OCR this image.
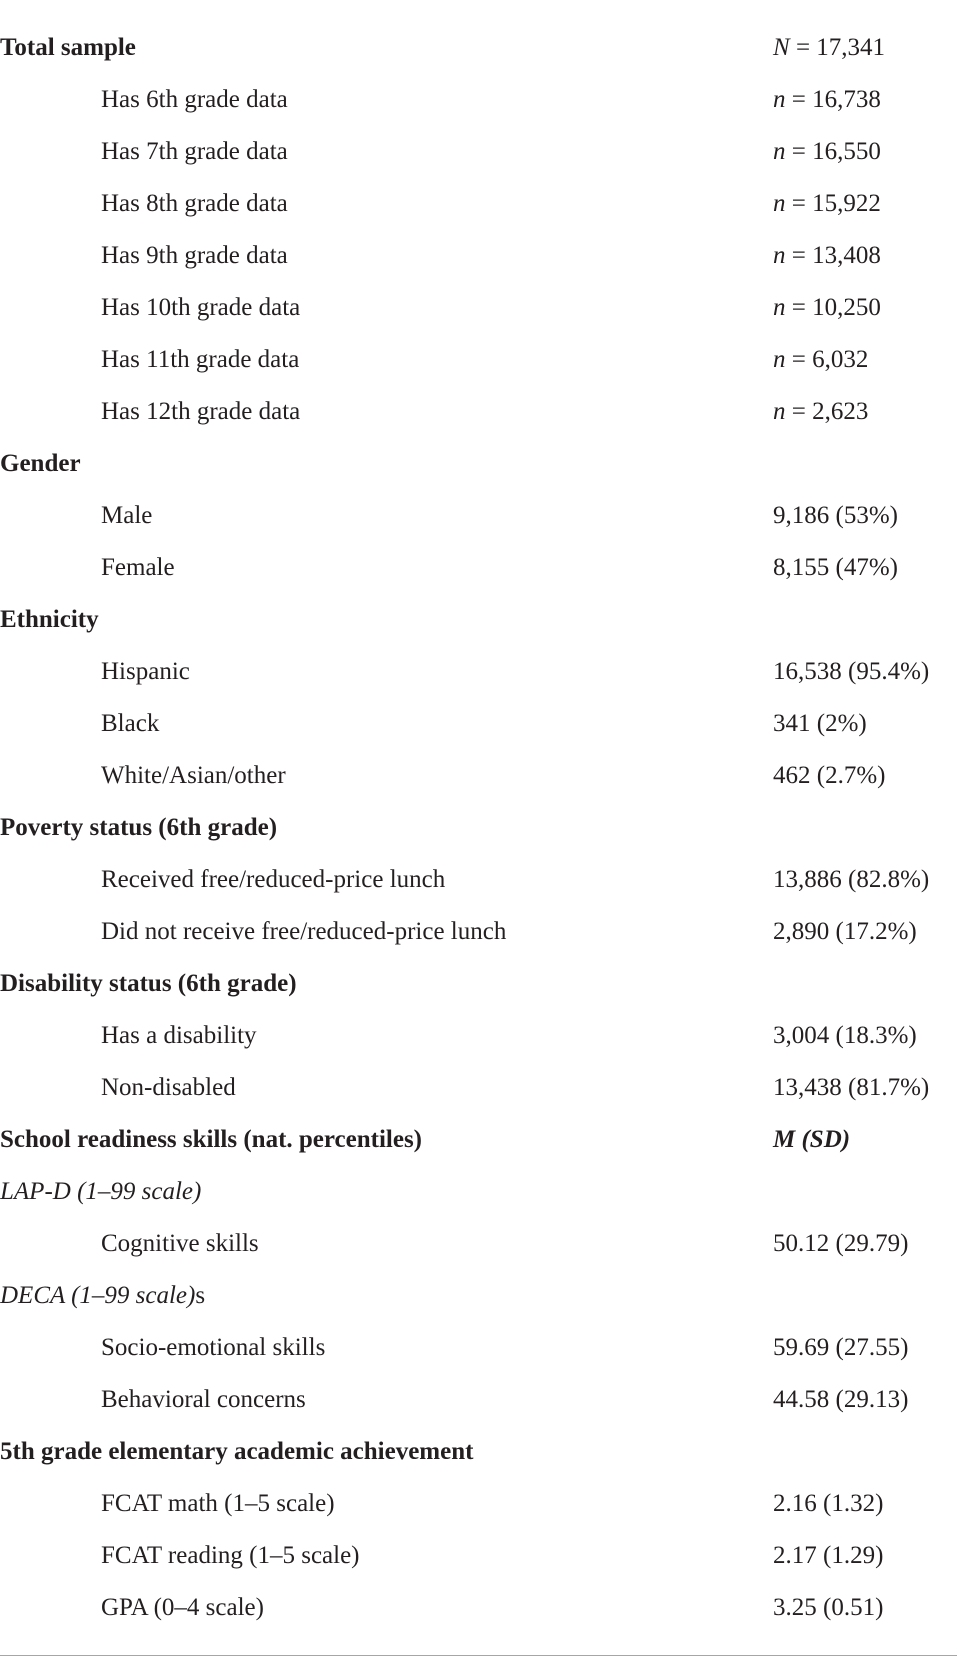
Total sample	N = 17,341
Has 6th grade data	n = 16,738
Has 7th grade data	n = 16,550
Has 8th grade data	n = 15,922
Has 9th grade data	n = 13,408
Has 10th grade data	n = 10,250
Has 11th grade data	n = 6,032
Has 12th grade data	n = 2,623
Gender
Male	9,186 (53%)
Female	8,155 (47%)
Ethnicity
Hispanic	16,538 (95.4%)
Black	341 (2%)
White/Asian/other	462 (2.7%)
Poverty status (6th grade)
Received free/reduced-price lunch	13,886 (82.8%)
Did not receive free/reduced-price lunch	2,890 (17.2%)
Disability status (6th grade)
Has a disability	3,004 (18.3%)
Non-disabled	13,438 (81.7%)
School readiness skills (nat. percentiles)	M (SD)
LAP-D (1–99 scale)
Cognitive skills	50.12 (29.79)
DECA (1–99 scale)s
Socio-emotional skills	59.69 (27.55)
Behavioral concerns	44.58 (29.13)
5th grade elementary academic achievement
FCAT math (1–5 scale)	2.16 (1.32)
FCAT reading (1–5 scale)	2.17 (1.29)
GPA (0–4 scale)	3.25 (0.51)
